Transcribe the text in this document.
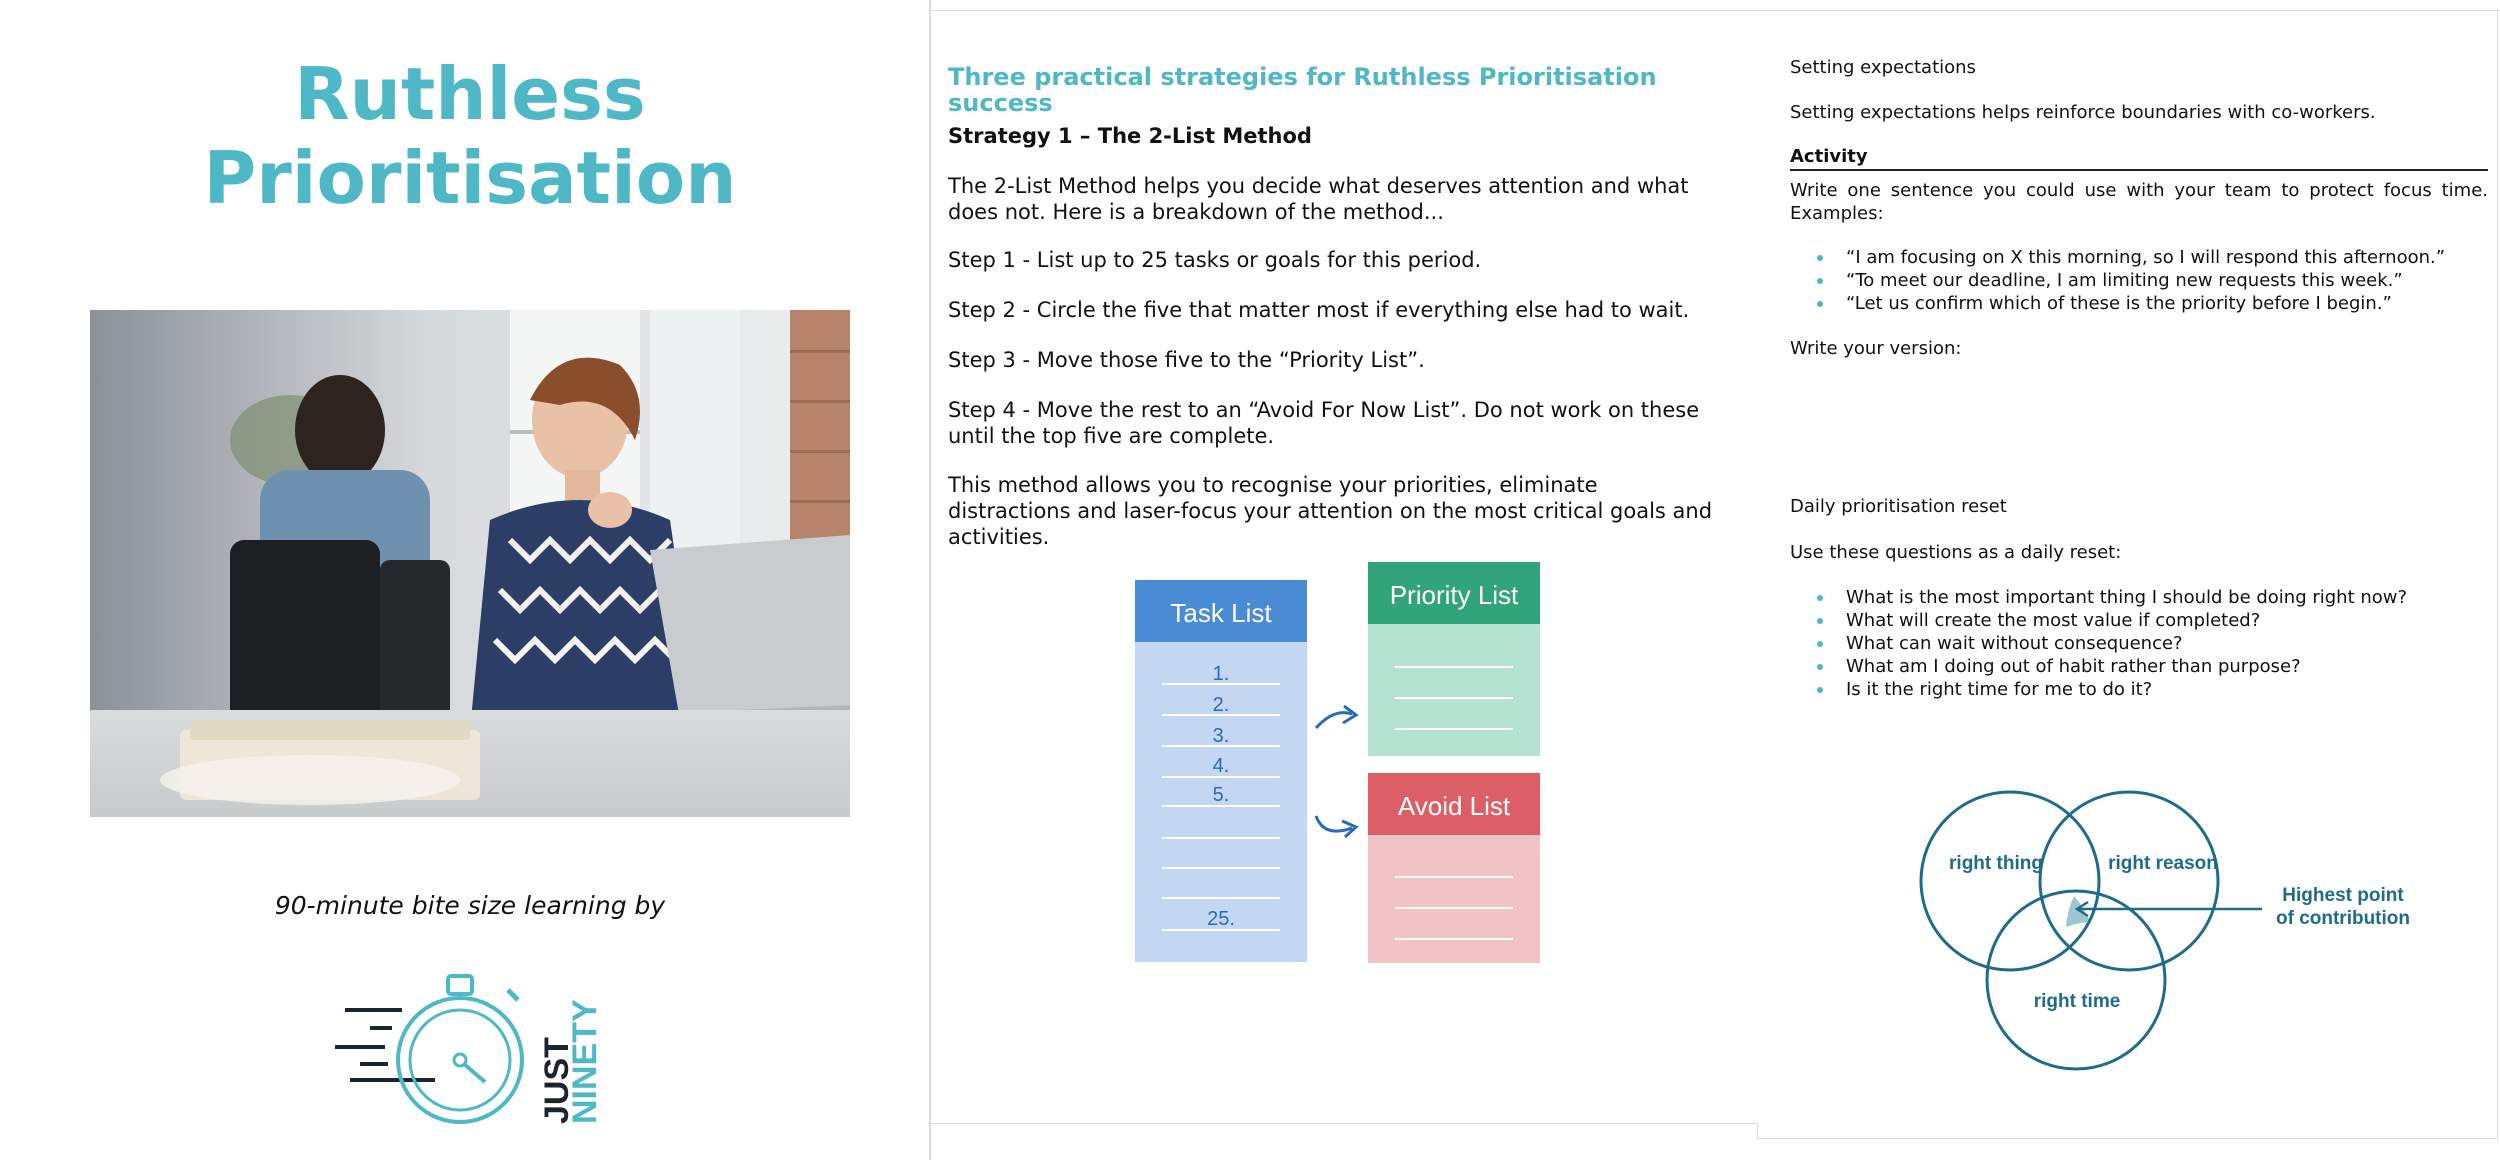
Ruthless
Prioritisation
90-minute bite size learning by
JUST
NINETY
Three practical strategies for Ruthless Prioritisation success
Strategy 1 – The 2-List Method
The 2-List Method helps you decide what deserves attention and what does not. Here is a breakdown of the method...
Step 1 - List up to 25 tasks or goals for this period.
Step 2 - Circle the five that matter most if everything else had to wait.
Step 3 - Move those five to the “Priority List”.
Step 4 - Move the rest to an “Avoid For Now List”. Do not work on these until the top five are complete.
This method allows you to recognise your priorities, eliminate distractions and laser-focus your attention on the most critical goals and activities.
Task List
1.
2.
3.
4.
5.
25.
Priority List
Avoid List
Setting expectations
Setting expectations helps reinforce boundaries with co-workers.
Activity
Write one sentence you could use with your team to protect focus time. Examples:
“I am focusing on X this morning, so I will respond this afternoon.”
“To meet our deadline, I am limiting new requests this week.”
“Let us confirm which of these is the priority before I begin.”
Write your version:
Daily prioritisation reset
Use these questions as a daily reset:
What is the most important thing I should be doing right now?
What will create the most value if completed?
What can wait without consequence?
What am I doing out of habit rather than purpose?
Is it the right time for me to do it?
right thing	right reason
right time
Highest point
of contribution
